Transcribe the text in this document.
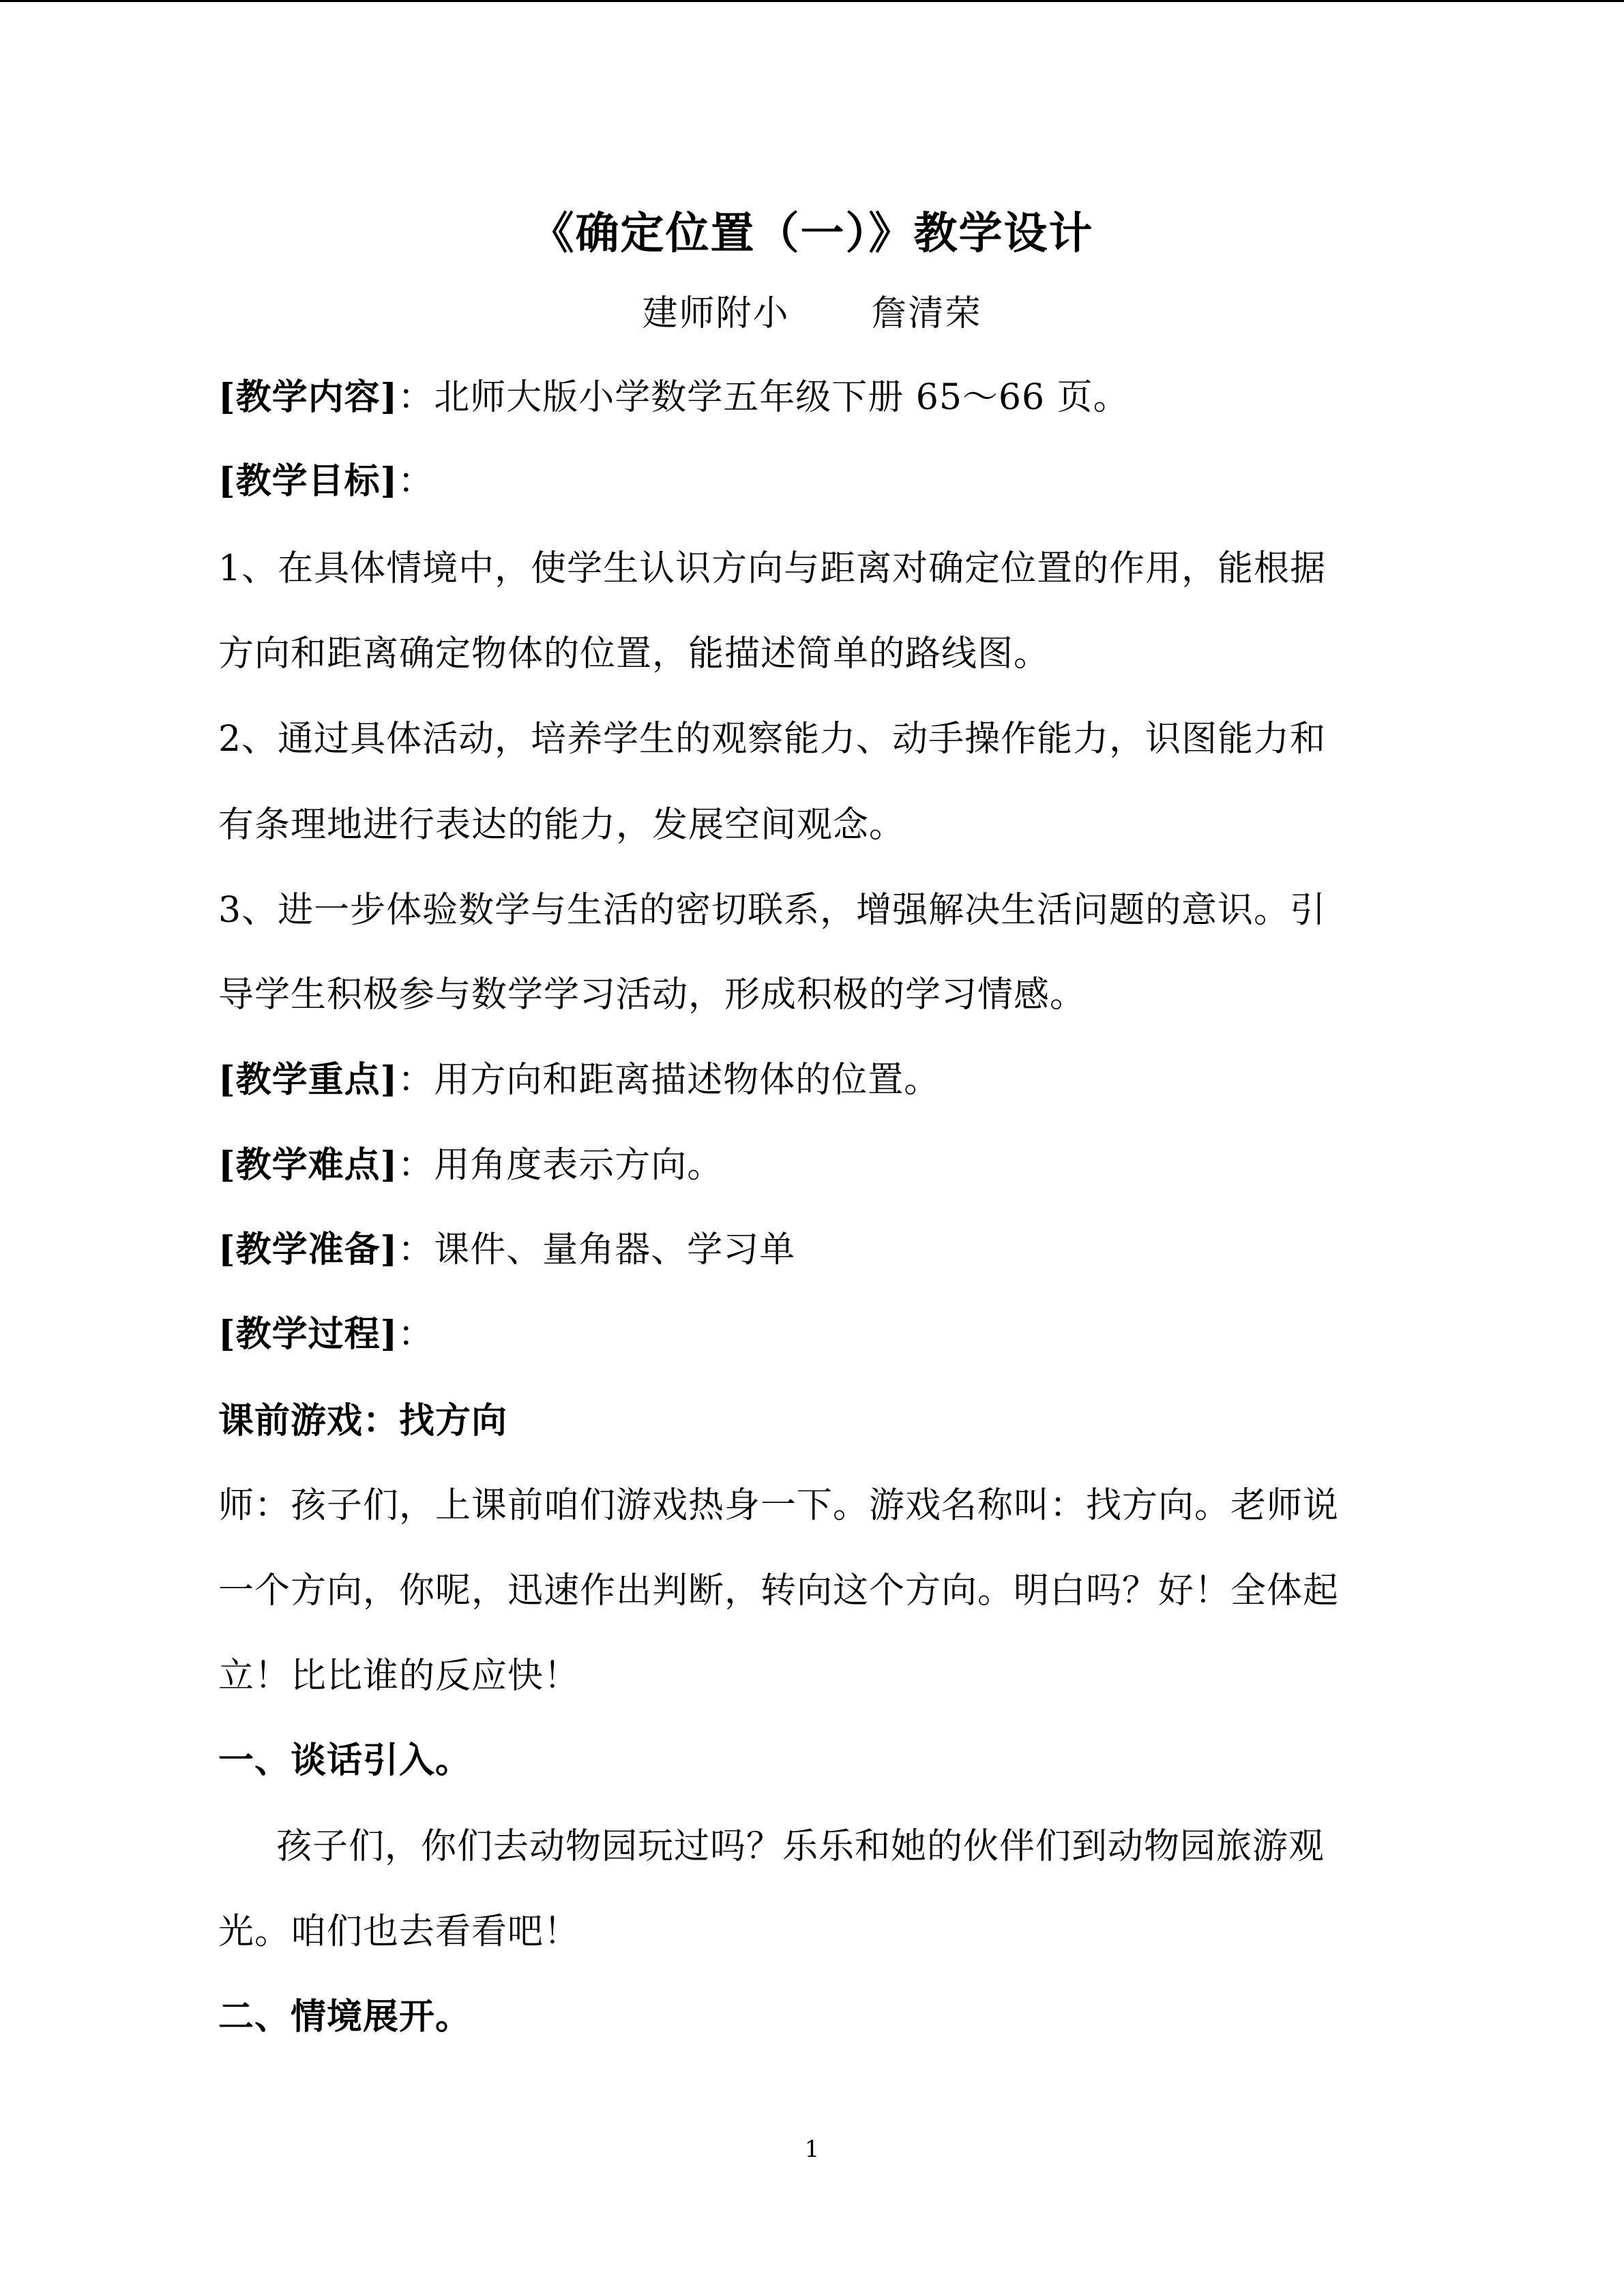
《确定位置（一）》教学设计
建师附小 詹清荣
[教学内容]：北师大版小学数学五年级下册 65～66 页。
[教学目标]：
1、在具体情境中，使学生认识方向与距离对确定位置的作用，能根据
方向和距离确定物体的位置，能描述简单的路线图。
2、通过具体活动，培养学生的观察能力、动手操作能力，识图能力和
有条理地进行表达的能力，发展空间观念。
3、进一步体验数学与生活的密切联系，增强解决生活问题的意识。引
导学生积极参与数学学习活动，形成积极的学习情感。
[教学重点]：用方向和距离描述物体的位置。
[教学难点]：用角度表示方向。
[教学准备]：课件、量角器、学习单
[教学过程]：
课前游戏：找方向
师：孩子们，上课前咱们游戏热身一下。游戏名称叫：找方向。老师说
一个方向，你呢，迅速作出判断，转向这个方向。明白吗？好！全体起
立！比比谁的反应快！
一、谈话引入。
孩子们，你们去动物园玩过吗？乐乐和她的伙伴们到动物园旅游观
光。咱们也去看看吧！
二、情境展开。
1
